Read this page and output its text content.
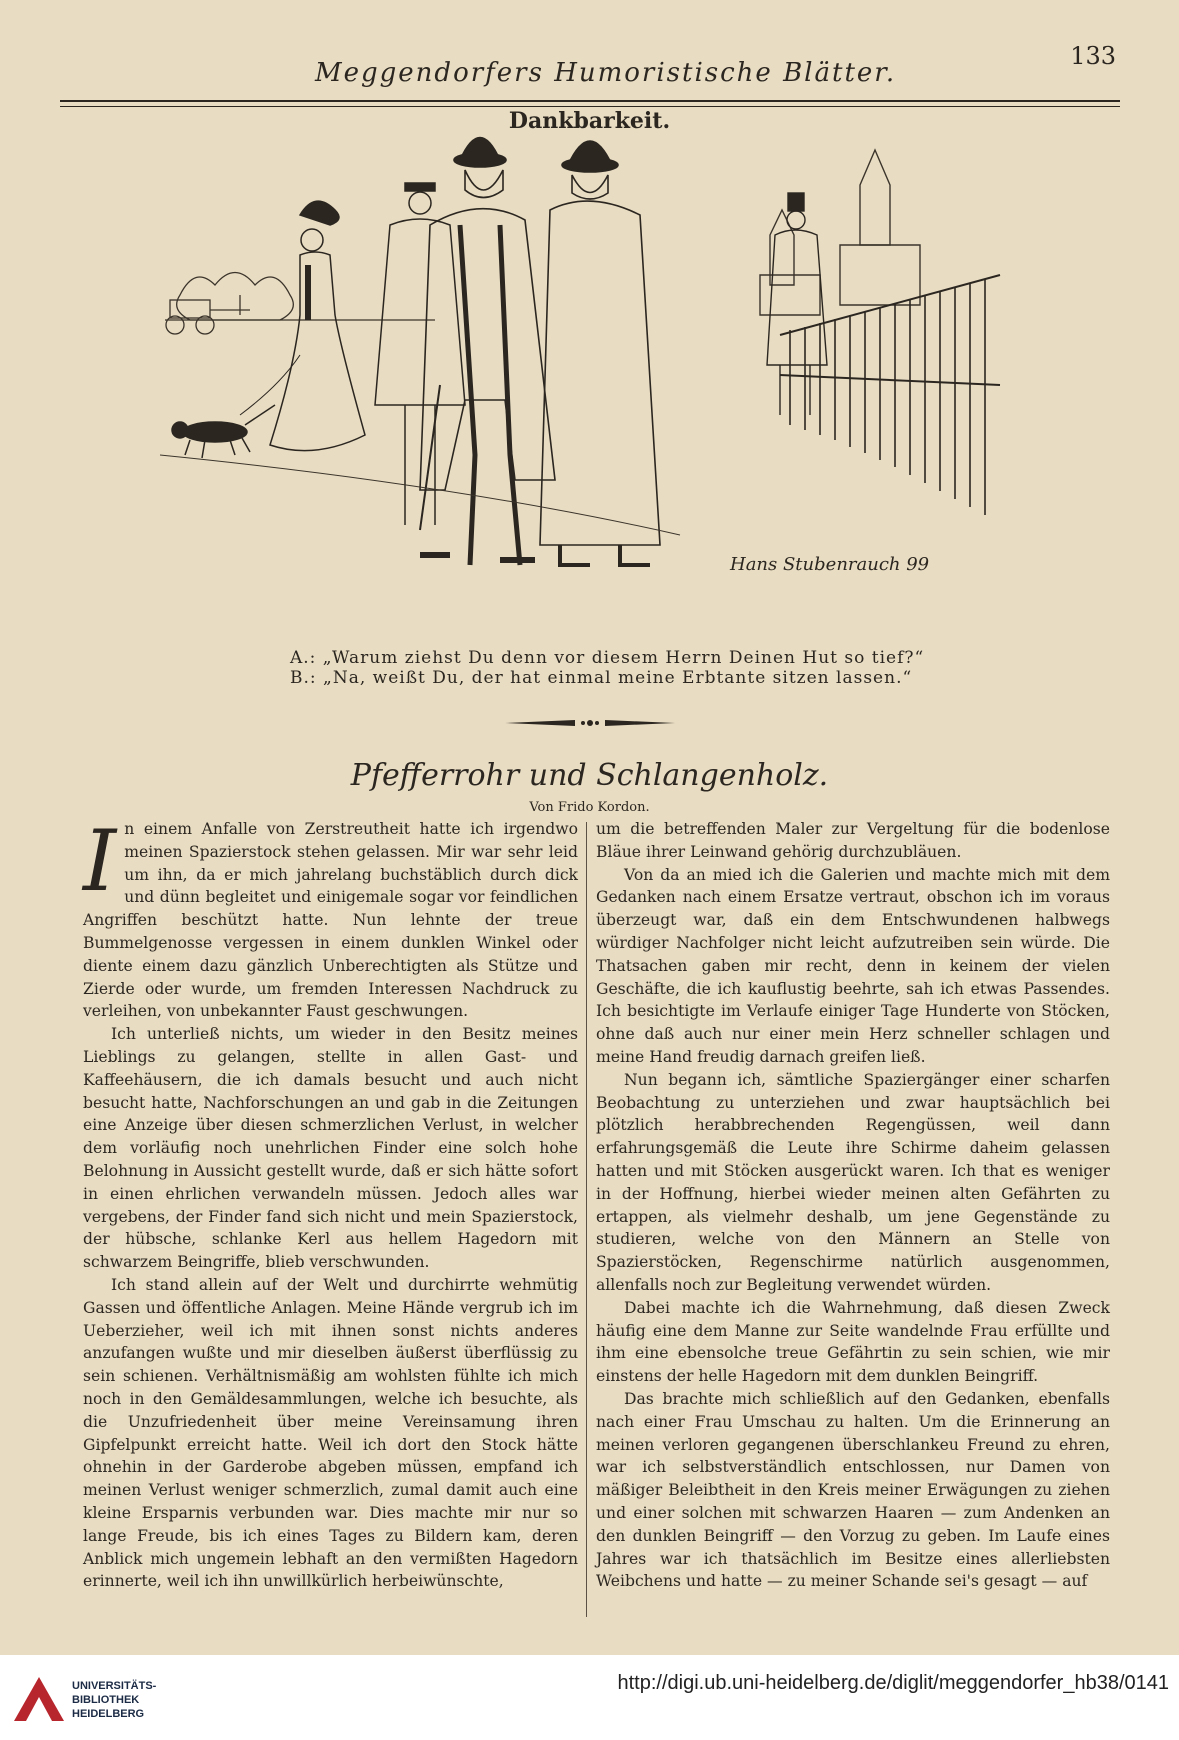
Meggendorfers Humoristische Blätter.
133
Dankbarkeit.
Hans Stubenrauch 99
A.: „Warum ziehst Du denn vor diesem Herrn Deinen Hut so tief?“
B.: „Na, weißt Du, der hat einmal meine Erbtante sitzen lassen.“
Pfefferrohr und Schlangenholz.
Von Frido Kordon.

In einem Anfalle von Zerstreutheit hatte ich irgendwo meinen Spazierstock stehen gelassen. Mir war sehr leid um ihn, da er mich jahrelang buchstäblich durch dick und dünn begleitet und einigemale sogar vor feindlichen Angriffen beschützt hatte. Nun lehnte der treue Bummelgenosse vergessen in einem dunklen Winkel oder diente einem dazu gänzlich Unberechtigten als Stütze und Zierde oder wurde, um fremden Interessen Nachdruck zu verleihen, von unbekannter Faust geschwungen.

Ich unterließ nichts, um wieder in den Besitz meines Lieblings zu gelangen, stellte in allen Gast- und Kaffeehäusern, die ich damals besucht und auch nicht besucht hatte, Nachforschungen an und gab in die Zeitungen eine Anzeige über diesen schmerzlichen Verlust, in welcher dem vorläufig noch unehrlichen Finder eine solch hohe Belohnung in Aussicht gestellt wurde, daß er sich hätte sofort in einen ehrlichen verwandeln müssen. Jedoch alles war vergebens, der Finder fand sich nicht und mein Spazierstock, der hübsche, schlanke Kerl aus hellem Hagedorn mit schwarzem Beingriffe, blieb verschwunden.

Ich stand allein auf der Welt und durchirrte wehmütig Gassen und öffentliche Anlagen. Meine Hände vergrub ich im Ueberzieher, weil ich mit ihnen sonst nichts anderes anzufangen wußte und mir dieselben äußerst überflüssig zu sein schienen. Verhältnismäßig am wohlsten fühlte ich mich noch in den Gemäldesammlungen, welche ich besuchte, als die Unzufriedenheit über meine Vereinsamung ihren Gipfelpunkt erreicht hatte. Weil ich dort den Stock hätte ohnehin in der Garderobe abgeben müssen, empfand ich meinen Verlust weniger schmerzlich, zumal damit auch eine kleine Ersparnis verbunden war. Dies machte mir nur so lange Freude, bis ich eines Tages zu Bildern kam, deren Anblick mich ungemein lebhaft an den vermißten Hagedorn erinnerte, weil ich ihn unwillkürlich herbeiwünschte,

um die betreffenden Maler zur Vergeltung für die bodenlose Bläue ihrer Leinwand gehörig durchzubläuen.

Von da an mied ich die Galerien und machte mich mit dem Gedanken nach einem Ersatze vertraut, obschon ich im voraus überzeugt war, daß ein dem Entschwundenen halbwegs würdiger Nachfolger nicht leicht aufzutreiben sein würde. Die Thatsachen gaben mir recht, denn in keinem der vielen Geschäfte, die ich kauflustig beehrte, sah ich etwas Passendes. Ich besichtigte im Verlaufe einiger Tage Hunderte von Stöcken, ohne daß auch nur einer mein Herz schneller schlagen und meine Hand freudig darnach greifen ließ.

Nun begann ich, sämtliche Spaziergänger einer scharfen Beobachtung zu unterziehen und zwar hauptsächlich bei plötzlich herabbrechenden Regengüssen, weil dann erfahrungsgemäß die Leute ihre Schirme daheim gelassen hatten und mit Stöcken ausgerückt waren. Ich that es weniger in der Hoffnung, hierbei wieder meinen alten Gefährten zu ertappen, als vielmehr deshalb, um jene Gegenstände zu studieren, welche von den Männern an Stelle von Spazierstöcken, Regenschirme natürlich ausgenommen, allenfalls noch zur Begleitung verwendet würden.

Dabei machte ich die Wahrnehmung, daß diesen Zweck häufig eine dem Manne zur Seite wandelnde Frau erfüllte und ihm eine ebensolche treue Gefährtin zu sein schien, wie mir einstens der helle Hagedorn mit dem dunklen Beingriff.

Das brachte mich schließlich auf den Gedanken, ebenfalls nach einer Frau Umschau zu halten. Um die Erinnerung an meinen verloren gegangenen überschlankeu Freund zu ehren, war ich selbstverständlich entschlossen, nur Damen von mäßiger Beleibtheit in den Kreis meiner Erwägungen zu ziehen und einer solchen mit schwarzen Haaren — zum Andenken an den dunklen Beingriff — den Vorzug zu geben. Im Laufe eines Jahres war ich thatsächlich im Besitze eines allerliebsten Weibchens und hatte — zu meiner Schande sei's gesagt — auf

UNIVERSITÄTS-
BIBLIOTHEK
HEIDELBERG
http://digi.ub.uni-heidelberg.de/diglit/meggendorfer_hb38/0141
